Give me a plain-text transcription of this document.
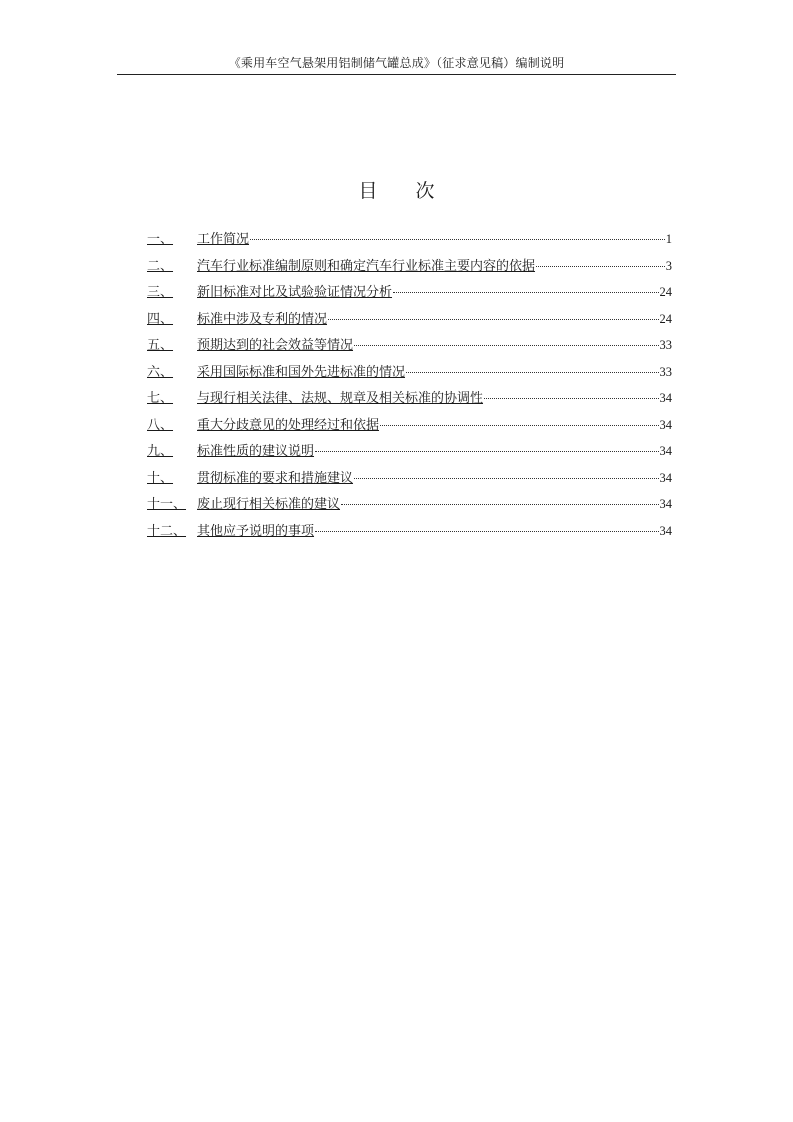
《乘用车空气悬架用铝制储气罐总成》（征求意见稿）编制说明
目 次
一、	工作简况	1
二、	汽车行业标准编制原则和确定汽车行业标准主要内容的依据	3
三、	新旧标准对比及试验验证情况分析	24
四、	标准中涉及专利的情况	24
五、	预期达到的社会效益等情况	33
六、	采用国际标准和国外先进标准的情况	33
七、	与现行相关法律、法规、规章及相关标准的协调性	34
八、	重大分歧意见的处理经过和依据	34
九、	标准性质的建议说明	34
十、	贯彻标准的要求和措施建议	34
十一、 废止现行相关标准的建议	34
十二、 其他应予说明的事项	34
